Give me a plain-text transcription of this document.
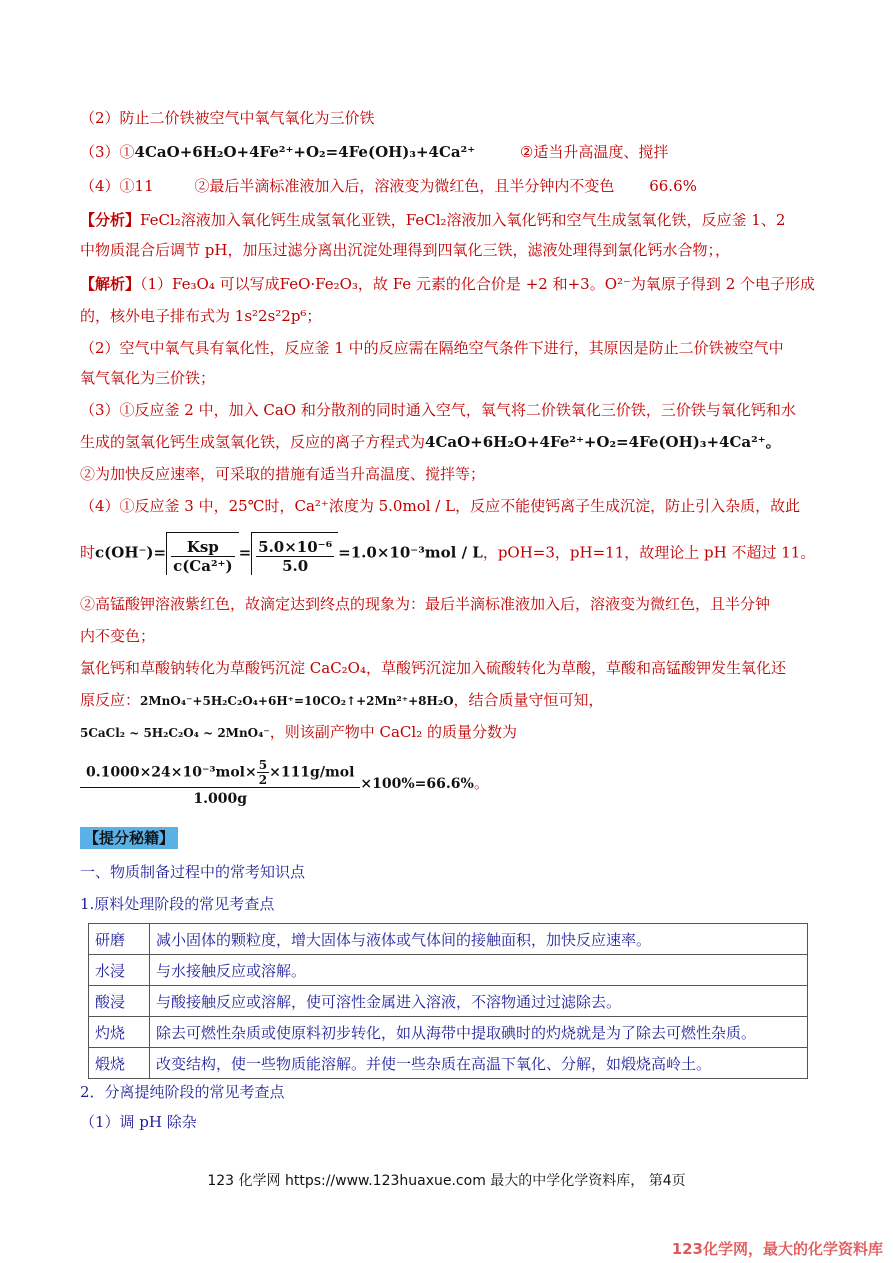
（2）防止二价铁被空气中氧气氧化为三价铁
（3）①4CaO+6H₂O+4Fe²⁺+O₂=4Fe(OH)₃+4Ca²⁺	②适当升高温度、搅拌
（4）①11	②最后半滴标准液加入后，溶液变为微红色，且半分钟内不变色 66.6%
【分析】FeCl₂溶液加入氧化钙生成氢氧化亚铁，FeCl₂溶液加入氧化钙和空气生成氢氧化铁，反应釜 1、2
中物质混合后调节 pH，加压过滤分离出沉淀处理得到四氧化三铁，滤液处理得到氯化钙水合物；，
【解析】（1）Fe₃O₄ 可以写成FeO·Fe₂O₃，故 Fe 元素的化合价是 +2 和+3。O²⁻为氧原子得到 2 个电子形成
的，核外电子排布式为 1s²2s²2p⁶；
（2）空气中氧气具有氧化性，反应釜 1 中的反应需在隔绝空气条件下进行，其原因是防止二价铁被空气中
氧气氧化为三价铁；
（3）①反应釜 2 中，加入 CaO 和分散剂的同时通入空气，氧气将二价铁氧化三价铁，三价铁与氧化钙和水
生成的氢氧化钙生成氢氧化铁，反应的离子方程式为4CaO+6H₂O+4Fe²⁺+O₂=4Fe(OH)₃+4Ca²⁺。
②为加快反应速率，可采取的措施有适当升高温度、搅拌等；
（4）①反应釜 3 中，25℃时，Ca²⁺浓度为 5.0mol / L，反应不能使钙离子生成沉淀，防止引入杂质，故此
时$c(OH^-)= \frac{\text{Ksp}}{\text{c(Ca²⁺)}} = \frac{\text{5.0×10⁻⁶}}{5.0} =1.0\times 10^{-3}mol / L$，pOH=3，pH=11，故理论上 pH 不超过 11。
②高锰酸钾溶液紫红色，故滴定达到终点的现象为：最后半滴标准液加入后，溶液变为微红色，且半分钟
内不变色；
氯化钙和草酸钠转化为草酸钙沉淀 CaC₂O₄，草酸钙沉淀加入硫酸转化为草酸，草酸和高锰酸钾发生氧化还
原反应：2MnO₄⁻+5H₂C₂O₄+6H⁺=10CO₂↑+2Mn²⁺+8H₂O，结合质量守恒可知，
5CaCl₂ ~ 5H₂C₂O₄ ~ 2MnO₄⁻，则该副产物中 CaCl₂ 的质量分数为
$\frac{0.1000\times 24\times 10^{-3}mol\times \frac{5}{2} \times 111g/mol}{1.000g} \times 100\%=66.6\%$。
【提分秘籍】
一、物质制备过程中的常考知识点
1.原料处理阶段的常见考查点
研磨	减小固体的颗粒度，增大固体与液体或气体间的接触面积，加快反应速率。
水浸	与水接触反应或溶解。
酸浸	与酸接触反应或溶解，使可溶性金属进入溶液，不溶物通过过滤除去。
灼烧	除去可燃性杂质或使原料初步转化，如从海带中提取碘时的灼烧就是为了除去可燃性杂质。
煅烧	改变结构，使一些物质能溶解。并使一些杂质在高温下氧化、分解，如煅烧高岭土。
2．分离提纯阶段的常见考查点
（1）调 pH 除杂
123 化学网 https://www.123huaxue.com 最大的中学化学资料库， 第4页
123化学网，最大的化学资料库
